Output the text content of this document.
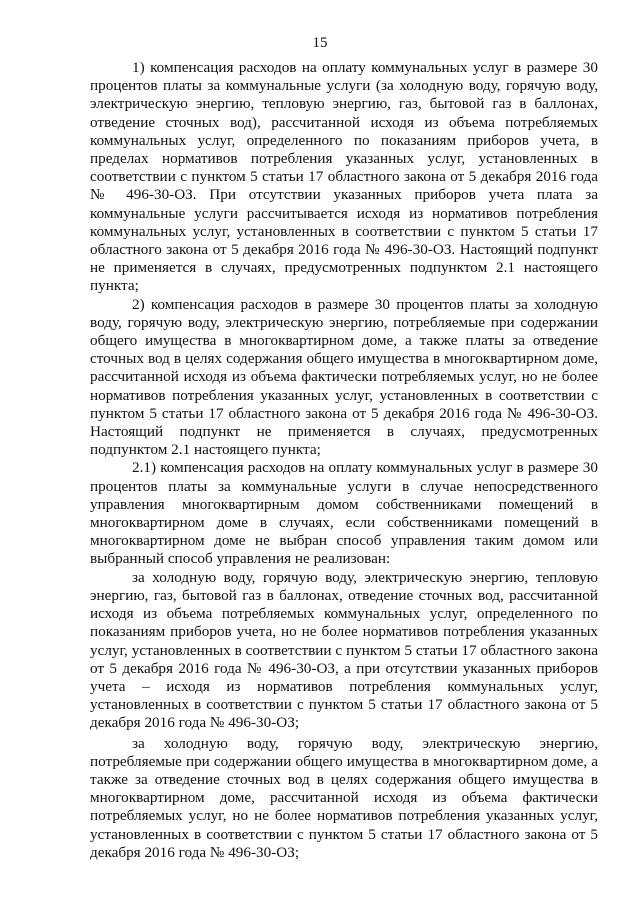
15

1) компенсация расходов на оплату коммунальных услуг в размере 30 процентов платы за коммунальные услуги (за холодную воду, горячую воду, электрическую энергию, тепловую энергию, газ, бытовой газ в баллонах, отведение сточных вод), рассчитанной исходя из объема потребляемых коммунальных услуг, определенного по показаниям приборов учета, в пределах нормативов потребления указанных услуг, установленных в соответствии с пунктом 5 статьи 17 областного закона от 5 декабря 2016 года № 496-30-ОЗ. При отсутствии указанных приборов учета плата за коммунальные услуги рассчитывается исходя из нормативов потребления коммунальных услуг, установленных в соответствии с пунктом 5 статьи 17 областного закона от 5 декабря 2016 года № 496-30-ОЗ. Настоящий подпункт не применяется в случаях, предусмотренных подпунктом 2.1 настоящего пункта;

2) компенсация расходов в размере 30 процентов платы за холодную воду, горячую воду, электрическую энергию, потребляемые при содержании общего имущества в многоквартирном доме, а также платы за отведение сточных вод в целях содержания общего имущества в многоквартирном доме, рассчитанной исходя из объема фактически потребляемых услуг, но не более нормативов потребления указанных услуг, установленных в соответствии с пунктом 5 статьи 17 областного закона от 5 декабря 2016 года № 496-30-ОЗ. Настоящий подпункт не применяется в случаях, предусмотренных подпунктом 2.1 настоящего пункта;

2.1) компенсация расходов на оплату коммунальных услуг в размере 30 процентов платы за коммунальные услуги в случае непосредственного управления многоквартирным домом собственниками помещений в многоквартирном доме в случаях, если собственниками помещений в многоквартирном доме не выбран способ управления таким домом или выбранный способ управления не реализован:

за холодную воду, горячую воду, электрическую энергию, тепловую энергию, газ, бытовой газ в баллонах, отведение сточных вод, рассчитанной исходя из объема потребляемых коммунальных услуг, определенного по показаниям приборов учета, но не более нормативов потребления указанных услуг, установленных в соответствии с пунктом 5 статьи 17 областного закона от 5 декабря 2016 года № 496-30-ОЗ, а при отсутствии указанных приборов учета – исходя из нормативов потребления коммунальных услуг, установленных в соответствии с пунктом 5 статьи 17 областного закона от 5 декабря 2016 года № 496-30-ОЗ;

за холодную воду, горячую воду, электрическую энергию, потребляемые при содержании общего имущества в многоквартирном доме, а также за отведение сточных вод в целях содержания общего имущества в многоквартирном доме, рассчитанной исходя из объема фактически потребляемых услуг, но не более нормативов потребления указанных услуг, установленных в соответствии с пунктом 5 статьи 17 областного закона от 5 декабря 2016 года № 496-30-ОЗ;
